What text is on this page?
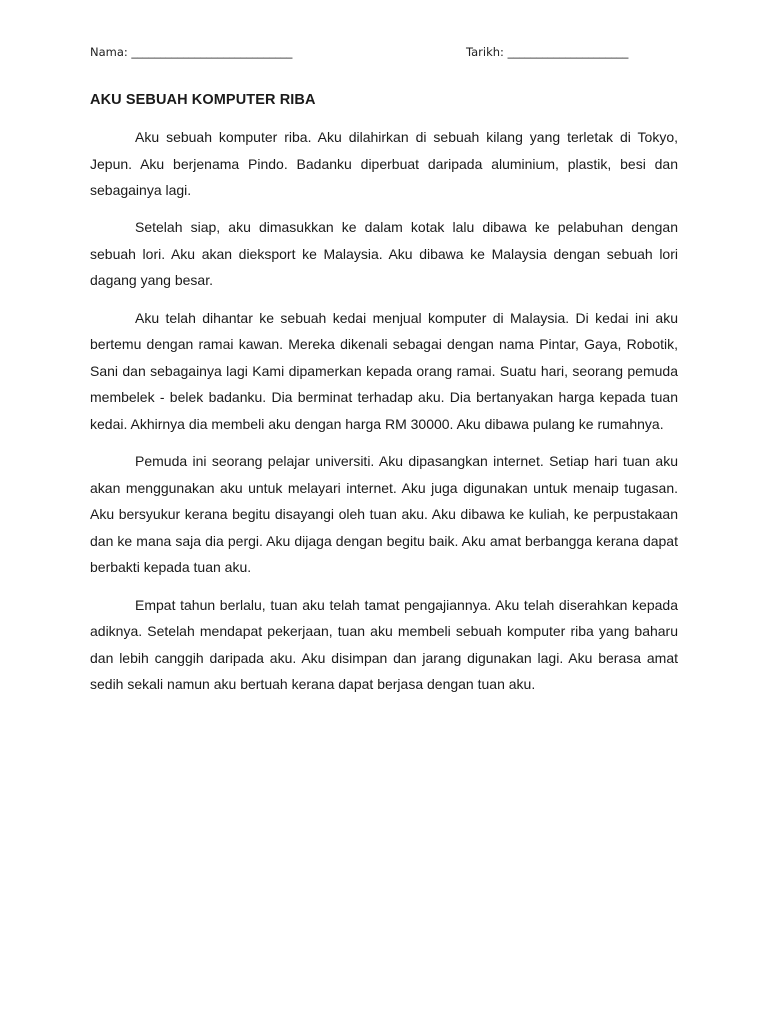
Nama: ____________________________	Tarikh: _____________________
AKU SEBUAH KOMPUTER RIBA

Aku sebuah komputer riba. Aku dilahirkan di sebuah kilang yang terletak di Tokyo, Jepun. Aku berjenama Pindo. Badanku diperbuat daripada aluminium, plastik, besi dan sebagainya lagi.

Setelah siap, aku dimasukkan ke dalam kotak lalu dibawa ke pelabuhan dengan sebuah lori. Aku akan dieksport ke Malaysia. Aku dibawa ke Malaysia dengan sebuah lori dagang yang besar.

Aku telah dihantar ke sebuah kedai menjual komputer di Malaysia. Di kedai ini aku bertemu dengan ramai kawan. Mereka dikenali sebagai dengan nama Pintar, Gaya, Robotik, Sani dan sebagainya lagi Kami dipamerkan kepada orang ramai. Suatu hari, seorang pemuda membelek - belek badanku. Dia berminat terhadap aku. Dia bertanyakan harga kepada tuan kedai. Akhirnya dia membeli aku dengan harga RM 30000. Aku dibawa pulang ke rumahnya.

Pemuda ini seorang pelajar universiti. Aku dipasangkan internet. Setiap hari tuan aku akan menggunakan aku untuk melayari internet. Aku juga digunakan untuk menaip tugasan. Aku bersyukur kerana begitu disayangi oleh tuan aku. Aku dibawa ke kuliah, ke perpustakaan dan ke mana saja dia pergi. Aku dijaga dengan begitu baik. Aku amat berbangga kerana dapat berbakti kepada tuan aku.

Empat tahun berlalu, tuan aku telah tamat pengajiannya. Aku telah diserahkan kepada adiknya. Setelah mendapat pekerjaan, tuan aku membeli sebuah komputer riba yang baharu dan lebih canggih daripada aku. Aku disimpan dan jarang digunakan lagi. Aku berasa amat sedih sekali namun aku bertuah kerana dapat berjasa dengan tuan aku.
